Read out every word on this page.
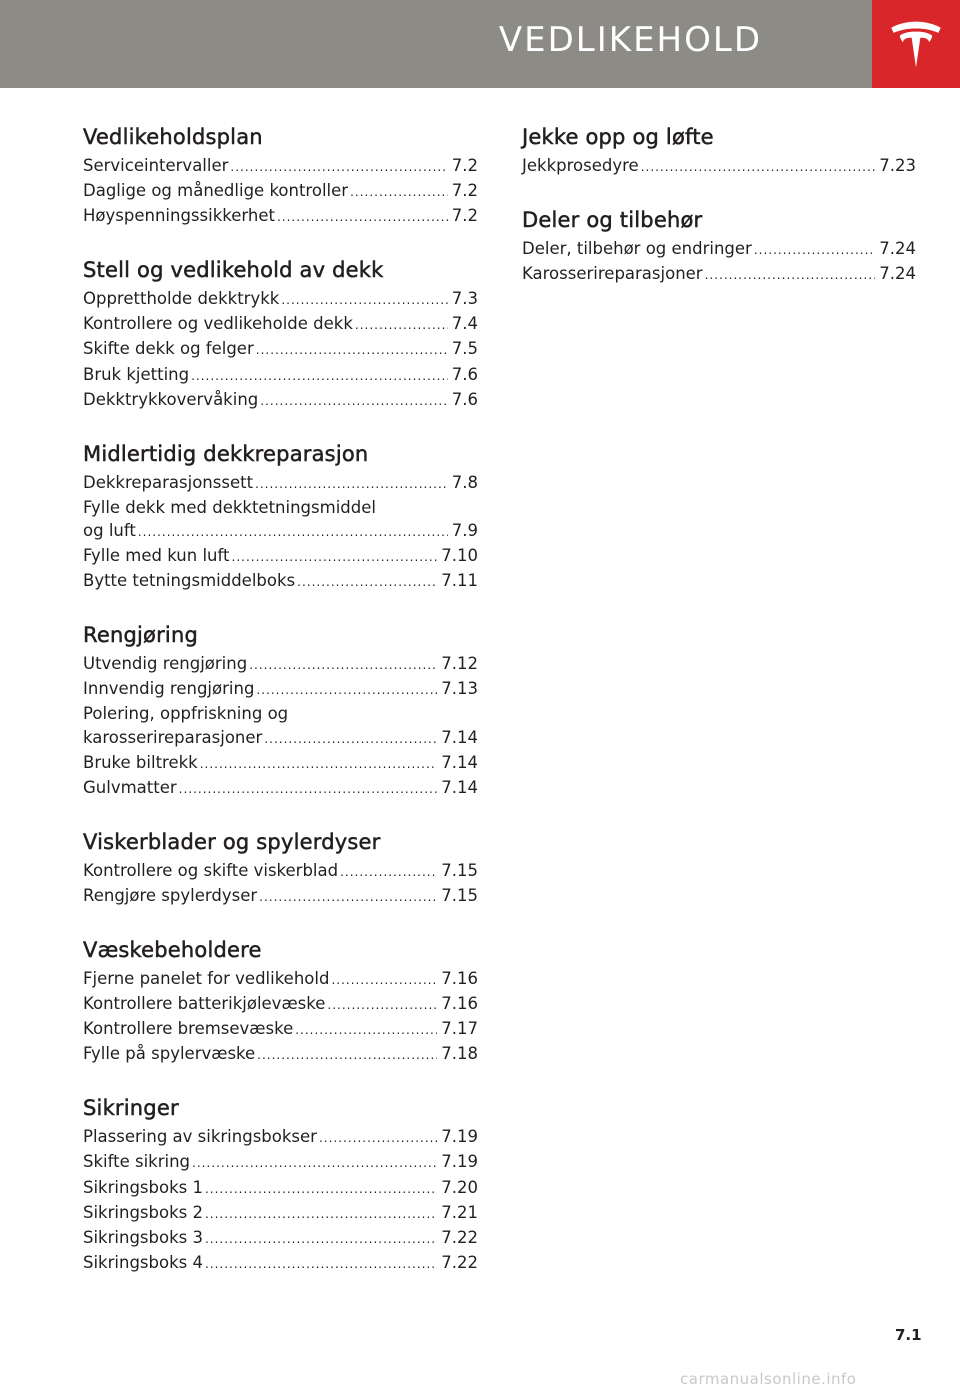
VEDLIKEHOLD
Vedlikeholdsplan
Serviceintervaller .....	7.2
Daglige og månedlige kontroller .....	7.2
Høyspenningssikkerhet .....	7.2
Stell og vedlikehold av dekk
Opprettholde dekktrykk .....	7.3
Kontrollere og vedlikeholde dekk .....	7.4
Skifte dekk og felger .....	7.5
Bruk kjetting .....	7.6
Dekktrykkovervåking .....	7.6
Midlertidig dekkreparasjon
Dekkreparasjonssett .....	7.8
Fylle dekk med dekktetningsmiddel
og luft .....	7.9
Fylle med kun luft .....	7.10
Bytte tetningsmiddelboks .....	7.11
Rengjøring
Utvendig rengjøring .....	7.12
Innvendig rengjøring .....	7.13
Polering, oppfriskning og
karosserireparasjoner .....	7.14
Bruke biltrekk .....	7.14
Gulvmatter .....	7.14
Viskerblader og spylerdyser
Kontrollere og skifte viskerblad .....	7.15
Rengjøre spylerdyser .....	7.15
Væskebeholdere
Fjerne panelet for vedlikehold .....	7.16
Kontrollere batterikjølevæske .....	7.16
Kontrollere bremsevæske .....	7.17
Fylle på spylervæske .....	7.18
Sikringer
Plassering av sikringsbokser .....	7.19
Skifte sikring .....	7.19
Sikringsboks 1 .....	7.20
Sikringsboks 2 .....	7.21
Sikringsboks 3 .....	7.22
Sikringsboks 4 .....	7.22
Jekke opp og løfte
Jekkprosedyre .....	7.23
Deler og tilbehør
Deler, tilbehør og endringer .....	7.24
Karosserireparasjoner .....	7.24
7.1
carmanualsonline.info
